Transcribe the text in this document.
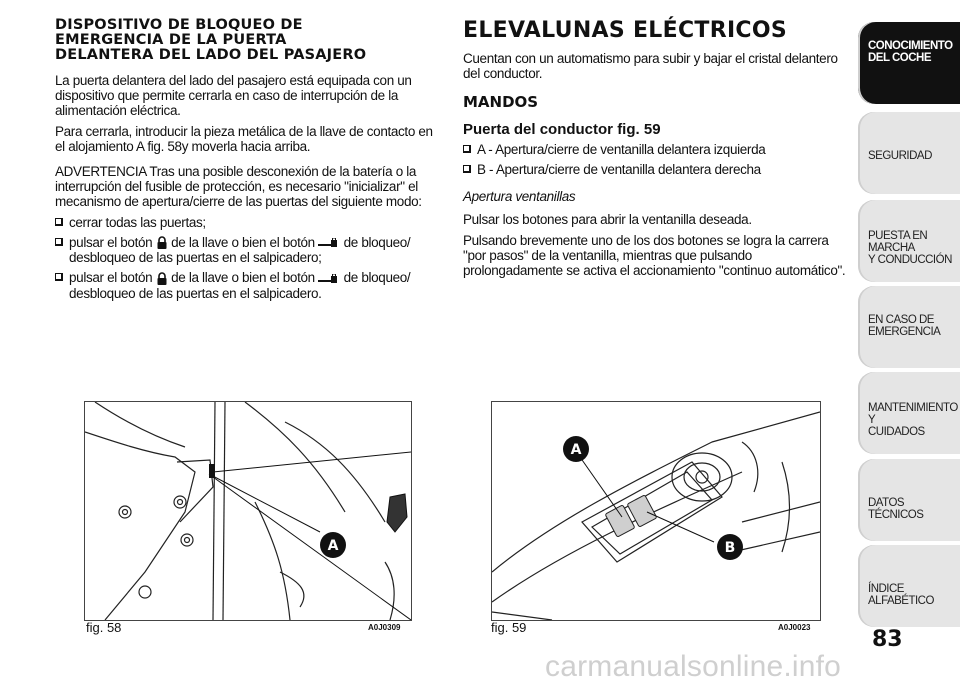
DISPOSITIVO DE BLOQUEO DE
EMERGENCIA DE LA PUERTA
DELANTERA DEL LADO DEL PASAJERO

La puerta delantera del lado del pasajero está equipada con un dispositivo que permite cerrarla en caso de interrupción de la alimentación eléctrica.

Para cerrarla, introducir la pieza metálica de la llave de contacto en el alojamiento A fig. 58y moverla hacia arriba.

ADVERTENCIA Tras una posible desconexión de la batería o la interrupción del fusible de protección, es necesario "inicializar" el mecanismo de apertura/cierre de las puertas del siguiente modo:

cerrar todas las puertas;
pulsar el botón de la llave o bien el botón de bloqueo/ desbloqueo de las puertas en el salpicadero;
pulsar el botón de la llave o bien el botón de bloqueo/ desbloqueo de las puertas en el salpicadero.
ELEVALUNAS ELÉCTRICOS

Cuentan con un automatismo para subir y bajar el cristal delantero del conductor.

MANDOS
Puerta del conductor fig. 59
A - Apertura/cierre de ventanilla delantera izquierda
B - Apertura/cierre de ventanilla delantera derecha
Apertura ventanillas

Pulsar los botones para abrir la ventanilla deseada.

Pulsando brevemente uno de los dos botones se logra la carrera "por pasos" de la ventanilla, mientras que pulsando prolongadamente se activa el accionamiento "continuo automático".

A
fig. 58	A0J0309
A
B
fig. 59	A0J0023
CONOCIMIENTO
DEL COCHE
SEGURIDAD
PUESTA EN MARCHA
Y CONDUCCIÓN
EN CASO DE
EMERGENCIA
MANTENIMIENTO Y
CUIDADOS
DATOS TÉCNICOS
ÍNDICE ALFABÉTICO
83
carmanualsonline.info
